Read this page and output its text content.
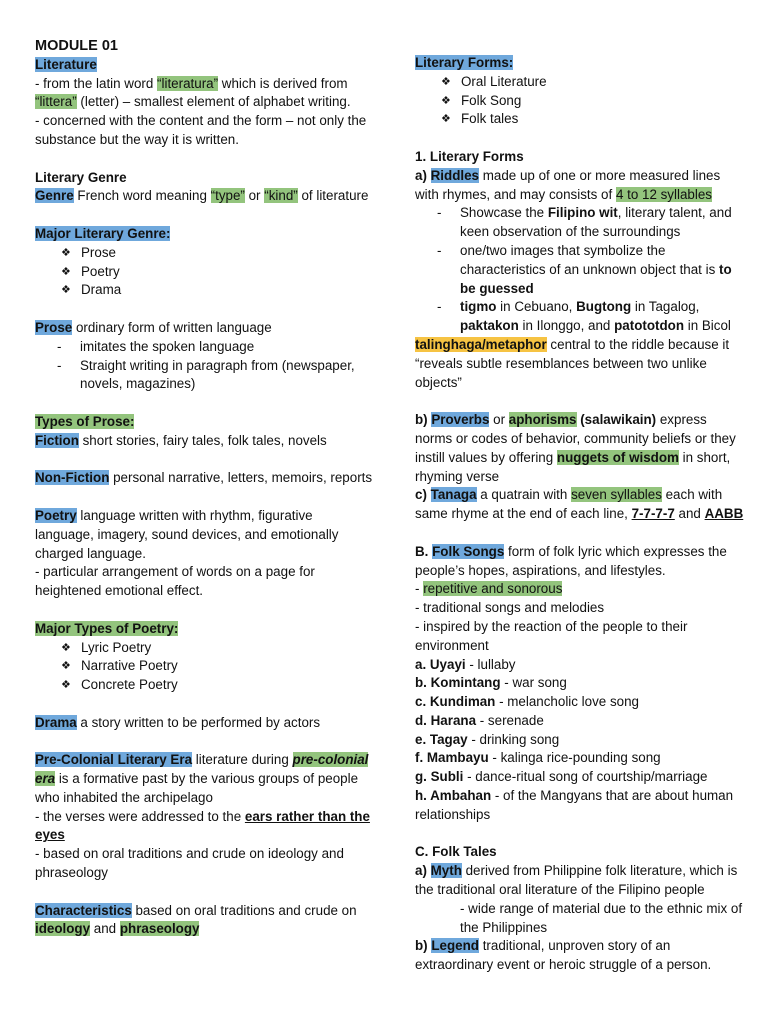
MODULE 01

Literature

- from the latin word “literatura” which is derived from “littera” (letter) – smallest element of alphabet writing.

- concerned with the content and the form – not only the substance but the way it is written.

Literary Genre

Genre French word meaning “type” or “kind” of literature

Major Literary Genre:

❖ Prose
❖ Poetry
❖ Drama

Prose ordinary form of written language

- imitates the spoken language
- Straight writing in paragraph from (newspaper, novels, magazines)

Types of Prose:

Fiction short stories, fairy tales, folk tales, novels

Non-Fiction personal narrative, letters, memoirs, reports

Poetry language written with rhythm, figurative language, imagery, sound devices, and emotionally charged language.

- particular arrangement of words on a page for heightened emotional effect.

Major Types of Poetry:

❖ Lyric Poetry
❖ Narrative Poetry
❖ Concrete Poetry

Drama a story written to be performed by actors

Pre-Colonial Literary Era literature during pre-colonial era is a formative past by the various groups of people who inhabited the archipelago

- the verses were addressed to the ears rather than the eyes

- based on oral traditions and crude on ideology and phraseology

Characteristics based on oral traditions and crude on ideology and phraseology

Literary Forms:

❖ Oral Literature
❖ Folk Song
❖ Folk tales

1. Literary Forms

a) Riddles made up of one or more measured lines with rhymes, and may consists of 4 to 12 syllables

- Showcase the Filipino wit, literary talent, and keen observation of the surroundings
- one/two images that symbolize the characteristics of an unknown object that is to be guessed
- tigmo in Cebuano, Bugtong in Tagalog, paktakon in Ilonggo, and patototdon in Bicol

talinghaga/metaphor central to the riddle because it “reveals subtle resemblances between two unlike objects”

b) Proverbs or aphorisms (salawikain) express norms or codes of behavior, community beliefs or they instill values by offering nuggets of wisdom in short, rhyming verse

c) Tanaga a quatrain with seven syllables each with same rhyme at the end of each line, 7-7-7-7 and AABB

B. Folk Songs form of folk lyric which expresses the people’s hopes, aspirations, and lifestyles.

- repetitive and sonorous

- traditional songs and melodies

- inspired by the reaction of the people to their environment

a. Uyayi - lullaby

b. Komintang - war song

c. Kundiman - melancholic love song

d. Harana - serenade

e. Tagay - drinking song

f. Mambayu - kalinga rice-pounding song

g. Subli - dance-ritual song of courtship/marriage

h. Ambahan - of the Mangyans that are about human relationships

C. Folk Tales

a) Myth derived from Philippine folk literature, which is the traditional oral literature of the Filipino people

- wide range of material due to the ethnic mix of the Philippines

b) Legend traditional, unproven story of an extraordinary event or heroic struggle of a person.
